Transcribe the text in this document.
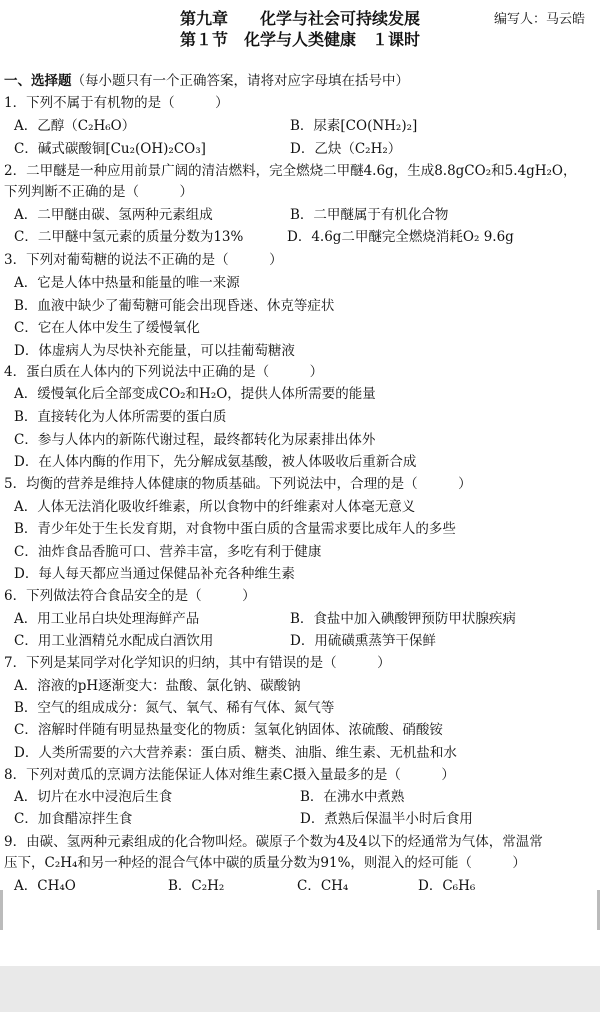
第九章　　化学与社会可持续发展	编写人：马云皓
第１节　化学与人类健康　１课时
一、选择题（每小题只有一个正确答案，请将对应字母填在括号中）
1．下列不属于有机物的是（　　　）
A．乙醇（C₂H₆O）	B．尿素[CO(NH₂)₂]
C．碱式碳酸铜[Cu₂(OH)₂CO₃]	D．乙炔（C₂H₂）
2．二甲醚是一种应用前景广阔的清洁燃料，完全燃烧二甲醚4.6g，生成8.8gCO₂和5.4gH₂O，
下列判断不正确的是（　　　）
A．二甲醚由碳、氢两种元素组成	B．二甲醚属于有机化合物
C．二甲醚中氢元素的质量分数为13%	D．4.6g二甲醚完全燃烧消耗O₂ 9.6g
3．下列对葡萄糖的说法不正确的是（　　　）
A．它是人体中热量和能量的唯一来源
B．血液中缺少了葡萄糖可能会出现昏迷、休克等症状
C．它在人体中发生了缓慢氧化
D．体虚病人为尽快补充能量，可以挂葡萄糖液
4．蛋白质在人体内的下列说法中正确的是（　　　）
A．缓慢氧化后全部变成CO₂和H₂O，提供人体所需要的能量
B．直接转化为人体所需要的蛋白质
C．参与人体内的新陈代谢过程，最终都转化为尿素排出体外
D．在人体内酶的作用下，先分解成氨基酸，被人体吸收后重新合成
5．均衡的营养是维持人体健康的物质基础。下列说法中，合理的是（　　　）
A．人体无法消化吸收纤维素，所以食物中的纤维素对人体毫无意义
B．青少年处于生长发育期，对食物中蛋白质的含量需求要比成年人的多些
C．油炸食品香脆可口、营养丰富，多吃有利于健康
D．每人每天都应当通过保健品补充各种维生素
6．下列做法符合食品安全的是（　　　）
A．用工业吊白块处理海鲜产品	B．食盐中加入碘酸钾预防甲状腺疾病
C．用工业酒精兑水配成白酒饮用	D．用硫磺熏蒸笋干保鲜
7．下列是某同学对化学知识的归纳，其中有错误的是（　　　）
A．溶液的pH逐渐变大：盐酸、氯化钠、碳酸钠
B．空气的组成成分：氮气、氧气、稀有气体、氮气等
C．溶解时伴随有明显热量变化的物质：氢氧化钠固体、浓硫酸、硝酸铵
D．人类所需要的六大营养素：蛋白质、糖类、油脂、维生素、无机盐和水
8．下列对黄瓜的烹调方法能保证人体对维生素C摄入量最多的是（　　　）
A．切片在水中浸泡后生食	B．在沸水中煮熟
C．加食醋凉拌生食	D．煮熟后保温半小时后食用
9．由碳、氢两种元素组成的化合物叫烃。碳原子个数为4及4以下的烃通常为气体，常温常
压下，C₂H₄和另一种烃的混合气体中碳的质量分数为91%，则混入的烃可能（　　　）
A．CH₄O	B．C₂H₂	C．CH₄	D．C₆H₆
